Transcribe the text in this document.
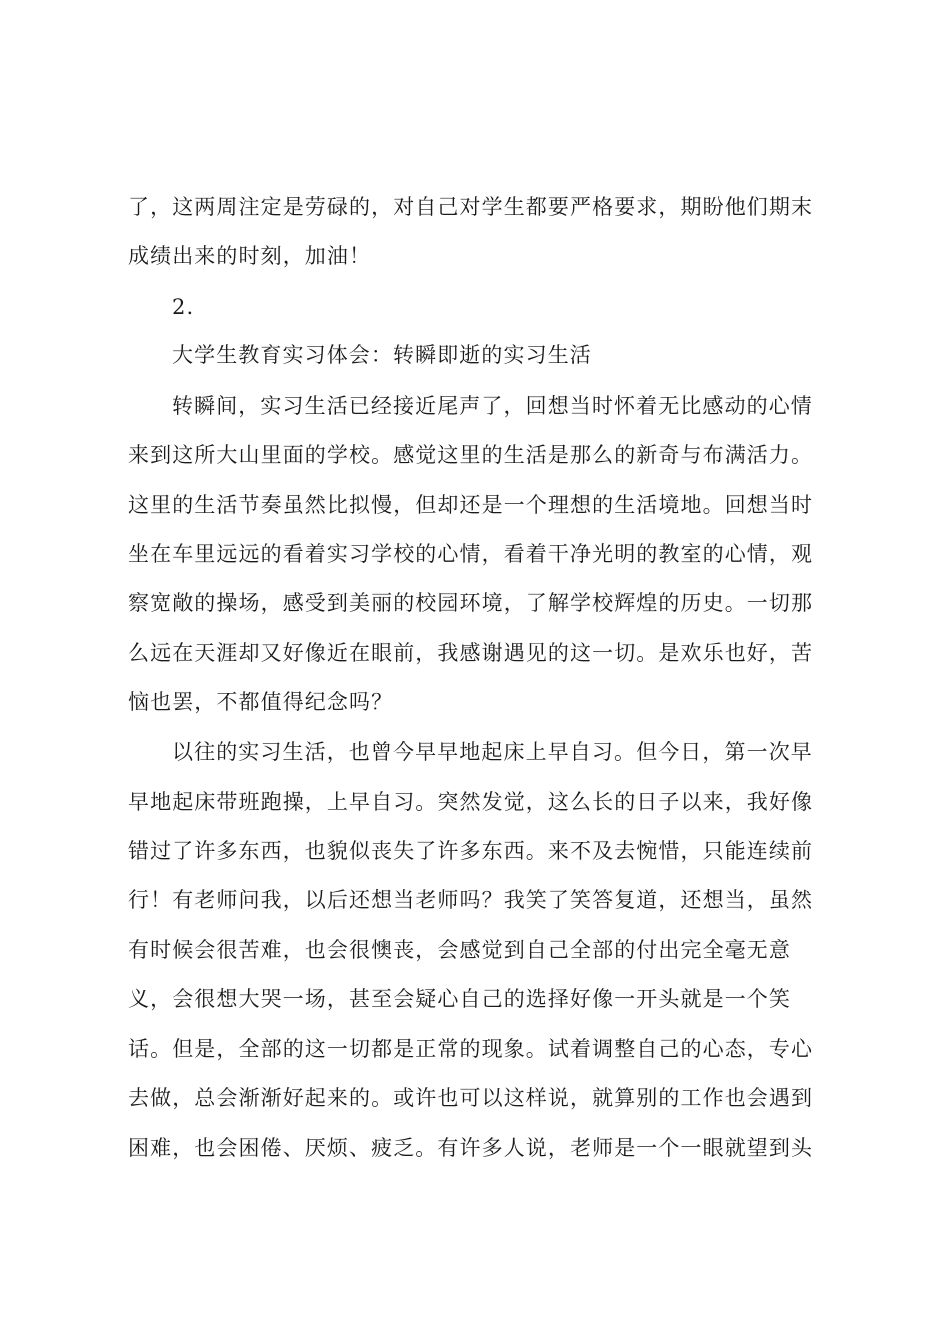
了，这两周注定是劳碌的，对自己对学生都要严格要求，期盼他们期末
成绩出来的时刻，加油！
2.
大学生教育实习体会：转瞬即逝的实习生活
转瞬间，实习生活已经接近尾声了，回想当时怀着无比感动的心情
来到这所大山里面的学校。感觉这里的生活是那么的新奇与布满活力。
这里的生活节奏虽然比拟慢，但却还是一个理想的生活境地。回想当时
坐在车里远远的看着实习学校的心情，看着干净光明的教室的心情，观
察宽敞的操场，感受到美丽的校园环境，了解学校辉煌的历史。一切那
么远在天涯却又好像近在眼前，我感谢遇见的这一切。是欢乐也好，苦
恼也罢，不都值得纪念吗？
以往的实习生活，也曾今早早地起床上早自习。但今日，第一次早
早地起床带班跑操，上早自习。突然发觉，这么长的日子以来，我好像
错过了许多东西，也貌似丧失了许多东西。来不及去惋惜，只能连续前
行！有老师问我，以后还想当老师吗？我笑了笑答复道，还想当，虽然
有时候会很苦难，也会很懊丧，会感觉到自己全部的付出完全毫无意
义，会很想大哭一场，甚至会疑心自己的选择好像一开头就是一个笑
话。但是，全部的这一切都是正常的现象。试着调整自己的心态，专心
去做，总会渐渐好起来的。或许也可以这样说，就算别的工作也会遇到
困难，也会困倦、厌烦、疲乏。有许多人说，老师是一个一眼就望到头
